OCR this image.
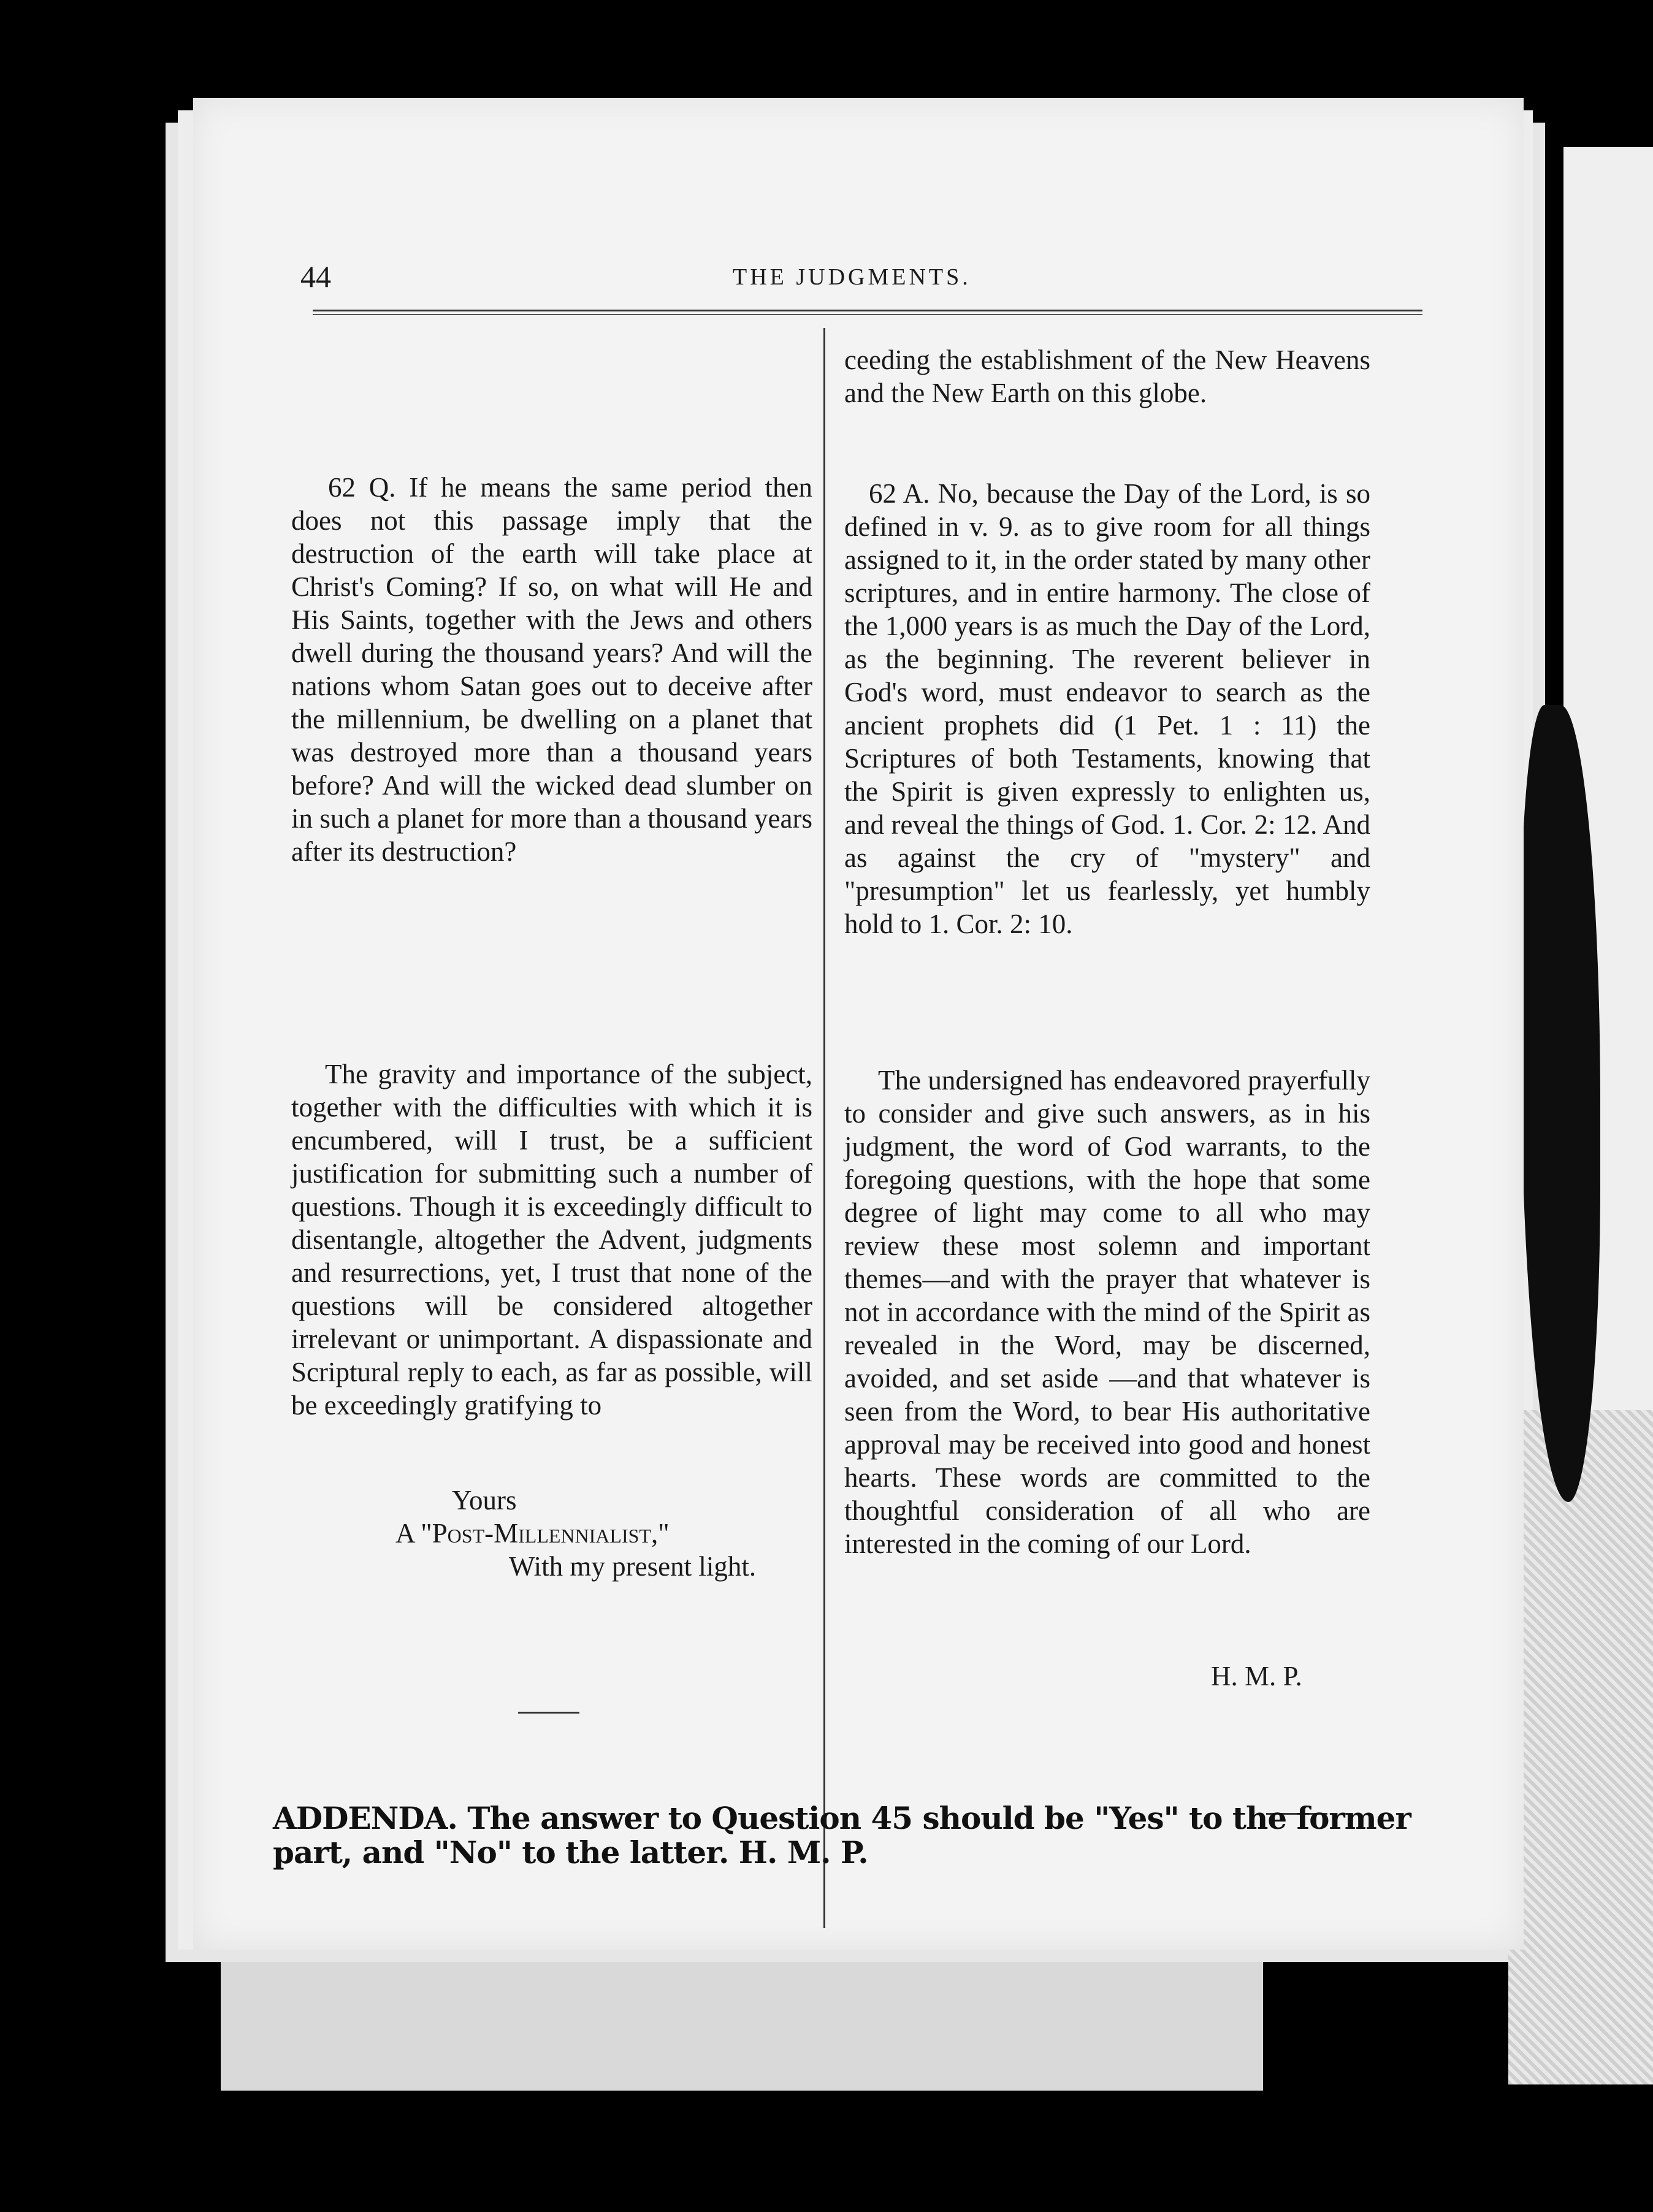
44	THE JUDGMENTS.

62 Q. If he means the same period then does not this passage imply that the destruction of the earth will take place at Christ's Coming? If so, on what will He and His Saints, together with the Jews and others dwell during the thousand years? And will the nations whom Satan goes out to deceive after the millennium, be dwelling on a planet that was destroyed more than a thousand years before? And will the wicked dead slumber on in such a planet for more than a thousand years after its destruction?

The gravity and importance of the subject, together with the difficulties with which it is encumbered, will I trust, be a sufficient justification for submitting such a number of questions. Though it is exceedingly difficult to disentangle, altogether the Advent, judgments and resurrections, yet, I trust that none of the questions will be considered altogether irrelevant or unimportant. A dispassionate and Scriptural reply to each, as far as possible, will be exceedingly gratifying to

Yours
A "Post-Millennialist,"
With my present light.

ceeding the establishment of the New Heavens and the New Earth on this globe.

62 A. No, because the Day of the Lord, is so defined in v. 9. as to give room for all things assigned to it, in the order stated by many other scriptures, and in entire harmony. The close of the 1,000 years is as much the Day of the Lord, as the beginning. The reverent believer in God's word, must endeavor to search as the ancient prophets did (1 Pet. 1 : 11) the Scriptures of both Testaments, knowing that the Spirit is given expressly to enlighten us, and reveal the things of God. 1. Cor. 2: 12. And as against the cry of "mystery" and "presumption" let us fearlessly, yet humbly hold to 1. Cor. 2: 10.

The undersigned has endeavored prayerfully to consider and give such answers, as in his judgment, the word of God warrants, to the foregoing questions, with the hope that some degree of light may come to all who may review these most solemn and important themes—and with the prayer that whatever is not in accordance with the mind of the Spirit as revealed in the Word, may be discerned, avoided, and set aside —and that whatever is seen from the Word, to bear His authoritative approval may be received into good and honest hearts. These words are committed to the thoughtful consideration of all who are interested in the coming of our Lord.

H. M. P.

ADDENDA. The answer to Question 45 should be "Yes" to the former part, and "No" to the latter. H. M. P.
